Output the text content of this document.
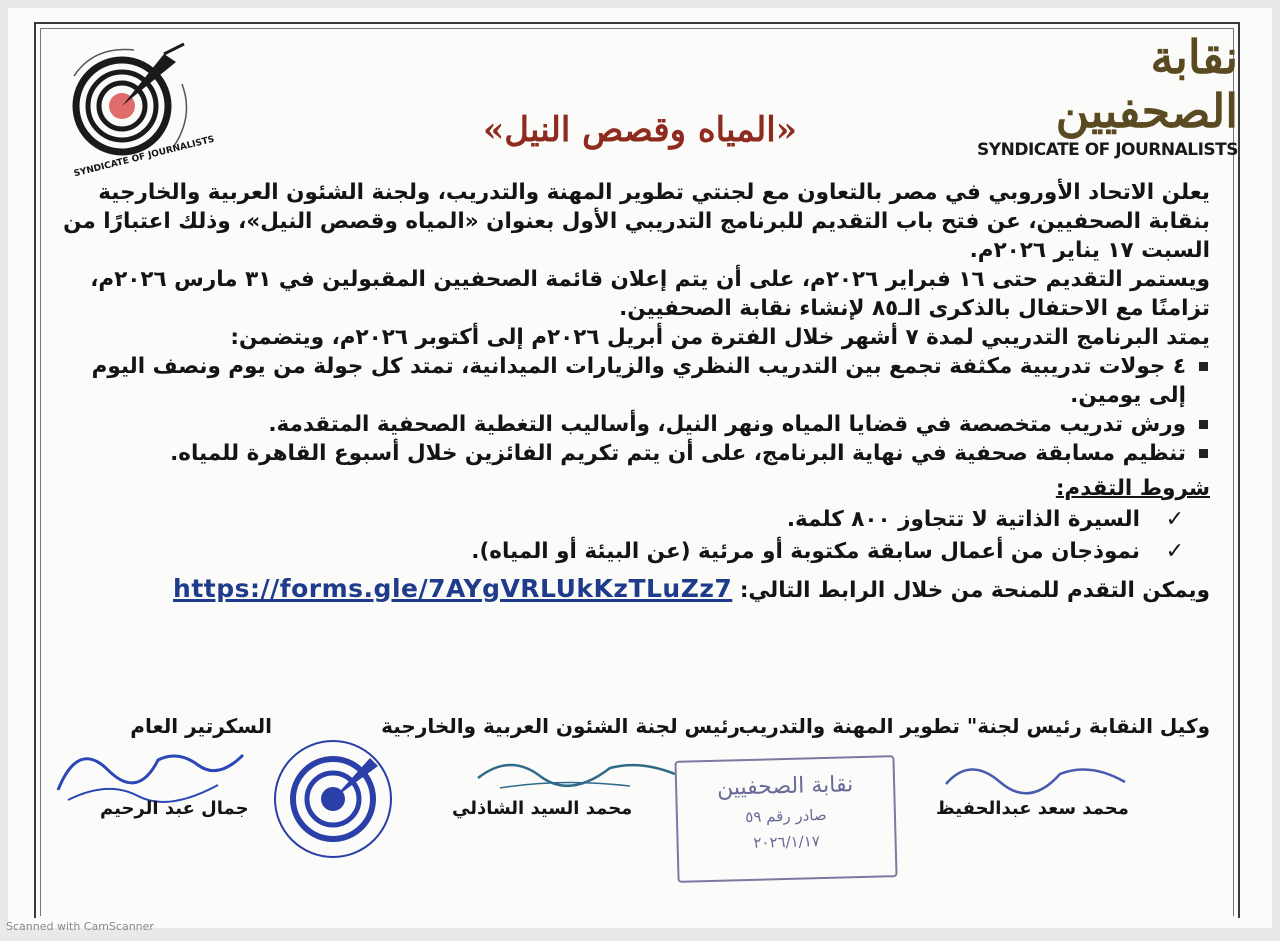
SYNDICATE OF JOURNALISTS
نقابة الصحفيين
SYNDICATE OF JOURNALISTS
«المياه وقصص النيل»

يعلن الاتحاد الأوروبي في مصر بالتعاون مع لجنتي تطوير المهنة والتدريب، ولجنة الشئون العربية والخارجية بنقابة الصحفيين، عن فتح باب التقديم للبرنامج التدريبي الأول بعنوان «المياه وقصص النيل»، وذلك اعتبارًا من السبت ١٧ يناير ٢٠٢٦م.

ويستمر التقديم حتى ١٦ فبراير ٢٠٢٦م، على أن يتم إعلان قائمة الصحفيين المقبولين في ٣١ مارس ٢٠٢٦م، تزامنًا مع الاحتفال بالذكرى الـ٨٥ لإنشاء نقابة الصحفيين.

يمتد البرنامج التدريبي لمدة ٧ أشهر خلال الفترة من أبريل ٢٠٢٦م إلى أكتوبر ٢٠٢٦م، ويتضمن:

٤ جولات تدريبية مكثفة تجمع بين التدريب النظري والزيارات الميدانية، تمتد كل جولة من يوم ونصف اليوم إلى يومين.
ورش تدريب متخصصة في قضايا المياه ونهر النيل، وأساليب التغطية الصحفية المتقدمة.
تنظيم مسابقة صحفية في نهاية البرنامج، على أن يتم تكريم الفائزين خلال أسبوع القاهرة للمياه.
شروط التقدم:
✓
السيرة الذاتية لا تتجاوز ٨٠٠ كلمة.
✓
نموذجان من أعمال سابقة مكتوبة أو مرئية (عن البيئة أو المياه).
ويمكن التقدم للمنحة من خلال الرابط التالي: https://forms.gle/7AYgVRLUkKzTLuZz7
وكيل النقابة رئيس لجنة" تطوير المهنة والتدريب
رئيس لجنة الشئون العربية والخارجية
السكرتير العام
جمال عبد الرحيم	محمد السيد الشاذلي	محمد سعد عبدالحفيظ
نقابة الصحفيين
صادر رقم ٥٩
٢٠٢٦/١/١٧
Scanned with CamScanner
